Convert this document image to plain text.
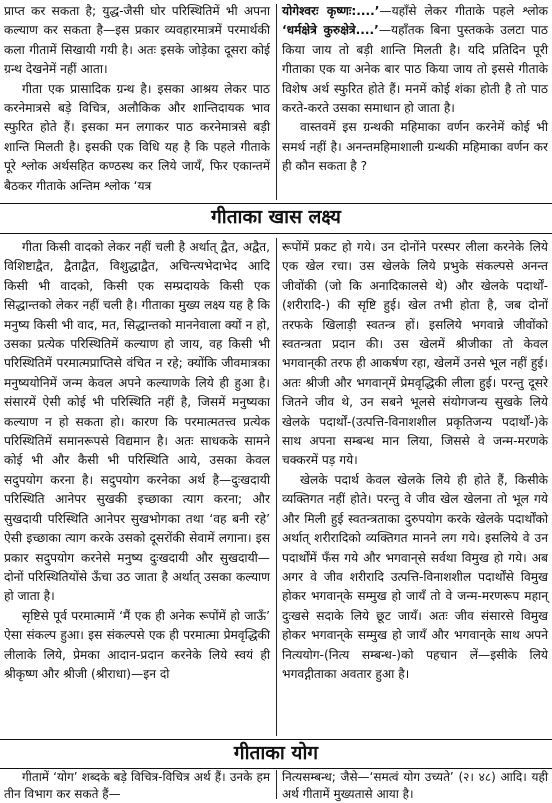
प्राप्त कर सकता है; युद्ध-जैसी घोर परिस्थितिमें भी अपना कल्याण कर सकता है—इस प्रकार व्यवहारमात्रमें परमार्थकी कला गीतामें सिखायी गयी है। अतः इसके जोड़ेका दूसरा कोई ग्रन्थ देखनेमें नहीं आता।

गीता एक प्रासादिक ग्रन्थ है। इसका आश्रय लेकर पाठ करनेमात्रसे बड़े विचित्र, अलौकिक और शान्तिदायक भाव स्फुरित होते हैं। इसका मन लगाकर पाठ करनेमात्रसे बड़ी शान्ति मिलती है। इसकी एक विधि यह है कि पहले गीताके पूरे श्लोक अर्थसहित कण्ठस्थ कर लिये जायँ, फिर एकान्तमें बैठकर गीताके अन्तिम श्लोक ‘यत्र

योगेश्वरः कृष्णः:....’—यहाँसे लेकर गीताके पहले श्लोक ‘धर्मक्षेत्रे कुरुक्षेत्रे....’—यहाँतक बिना पुस्तकके उलटा पाठ किया जाय तो बड़ी शान्ति मिलती है। यदि प्रतिदिन पूरी गीताका एक या अनेक बार पाठ किया जाय तो इससे गीताके विशेष अर्थ स्फुरित होते हैं। मनमें कोई शंका होती है तो पाठ करते-करते उसका समाधान हो जाता है।

वास्तवमें इस ग्रन्थकी महिमाका वर्णन करनेमें कोई भी समर्थ नहीं है। अनन्तमहिमाशाली ग्रन्थकी महिमाका वर्णन कर ही कौन सकता है ?

गीताका खास लक्ष्य

गीता किसी वादको लेकर नहीं चली है अर्थात् द्वैत, अद्वैत, विशिष्टाद्वैत, द्वैताद्वैत, विशुद्धाद्वैत, अचिन्त्यभेदाभेद आदि किसी भी वादको, किसी एक सम्प्रदायके किसी एक सिद्धान्तको लेकर नहीं चली है। गीताका मुख्य लक्ष्य यह है कि मनुष्य किसी भी वाद, मत, सिद्धान्तको माननेवाला क्यों न हो, उसका प्रत्येक परिस्थितिमें कल्याण हो जाय, वह किसी भी परिस्थितिमें परमात्मप्राप्तिसे वंचित न रहे; क्योंकि जीवमात्रका मनुष्ययोनिमें जन्म केवल अपने कल्याणके लिये ही हुआ है। संसारमें ऐसी कोई भी परिस्थिति नहीं है, जिसमें मनुष्यका कल्याण न हो सकता हो। कारण कि परमात्मतत्त्व प्रत्येक परिस्थितिमें समानरूपसे विद्यमान है। अतः साधकके सामने कोई भी और कैसी भी परिस्थिति आये, उसका केवल सदुपयोग करना है। सदुपयोग करनेका अर्थ है—दुःखदायी परिस्थिति आनेपर सुखकी इच्छाका त्याग करना; और सुखदायी परिस्थिति आनेपर सुखभोगका तथा ‘वह बनी रहे’ ऐसी इच्छाका त्याग करके उसको दूसरोंकी सेवामें लगाना। इस प्रकार सदुपयोग करनेसे मनुष्य दुःखदायी और सुखदायी—दोनों परिस्थितियोंसे ऊँचा उठ जाता है अर्थात् उसका कल्याण हो जाता है।

सृष्टिसे पूर्व परमात्मामें ‘मैं एक ही अनेक रूपोंमें हो जाऊँ’ ऐसा संकल्प हुआ। इस संकल्पसे एक ही परमात्मा प्रेमवृद्धिकी लीलाके लिये, प्रेमका आदान-प्रदान करनेके लिये स्वयं ही श्रीकृष्ण और श्रीजी (श्रीराधा)—इन दो

रूपोंमें प्रकट हो गये। उन दोनोंने परस्पर लीला करनेके लिये एक खेल रचा। उस खेलके लिये प्रभुके संकल्पसे अनन्त जीवोंकी (जो कि अनादिकालसे थे) और खेलके पदार्थों-(शरीरादि-) की सृष्टि हुई। खेल तभी होता है, जब दोनों तरफके खिलाड़ी स्वतन्त्र हों। इसलिये भगवान्ने जीवोंको स्वतन्त्रता प्रदान की। उस खेलमें श्रीजीका तो केवल भगवान्‌की तरफ ही आकर्षण रहा, खेलमें उनसे भूल नहीं हुई। अतः श्रीजी और भगवान्‌में प्रेमवृद्धिकी लीला हुई। परन्तु दूसरे जितने जीव थे, उन सबने भूलसे संयोगजन्य सुखके लिये खेलके पदार्थों-(उत्पत्ति-विनाशशील प्रकृतिजन्य पदार्थों-)के साथ अपना सम्बन्ध मान लिया, जिससे वे जन्म-मरणके चक्करमें पड़ गये।

खेलके पदार्थ केवल खेलके लिये ही होते हैं, किसीके व्यक्तिगत नहीं होते। परन्तु वे जीव खेल खेलना तो भूल गये और मिली हुई स्वतन्त्रताका दुरुपयोग करके खेलके पदार्थोंको अर्थात् शरीरादिको व्यक्तिगत मानने लग गये। इसलिये वे उन पदार्थोंमें फँस गये और भगवान्‌से सर्वथा विमुख हो गये। अब अगर वे जीव शरीरादि उत्पत्ति-विनाशशील पदार्थोंसे विमुख होकर भगवान्‌के सम्मुख हो जायँ तो वे जन्म-मरणरूप महान् दुःखसे सदाके लिये छूट जायँ। अतः जीव संसारसे विमुख होकर भगवान्‌के सम्मुख हो जायँ और भगवान्‌के साथ अपने नित्ययोग-(नित्य सम्बन्ध-)को पहचान लें—इसीके लिये भगवद्गीताका अवतार हुआ है।

गीताका योग

गीतामें ‘योग’ शब्दके बड़े विचित्र-विचित्र अर्थ हैं। उनके हम तीन विभाग कर सकते हैं—

नित्यसम्बन्ध; जैसे—‘समत्वं योग उच्यते’ (२। ४८) आदि। यही अर्थ गीतामें मुख्यतासे आया है।
